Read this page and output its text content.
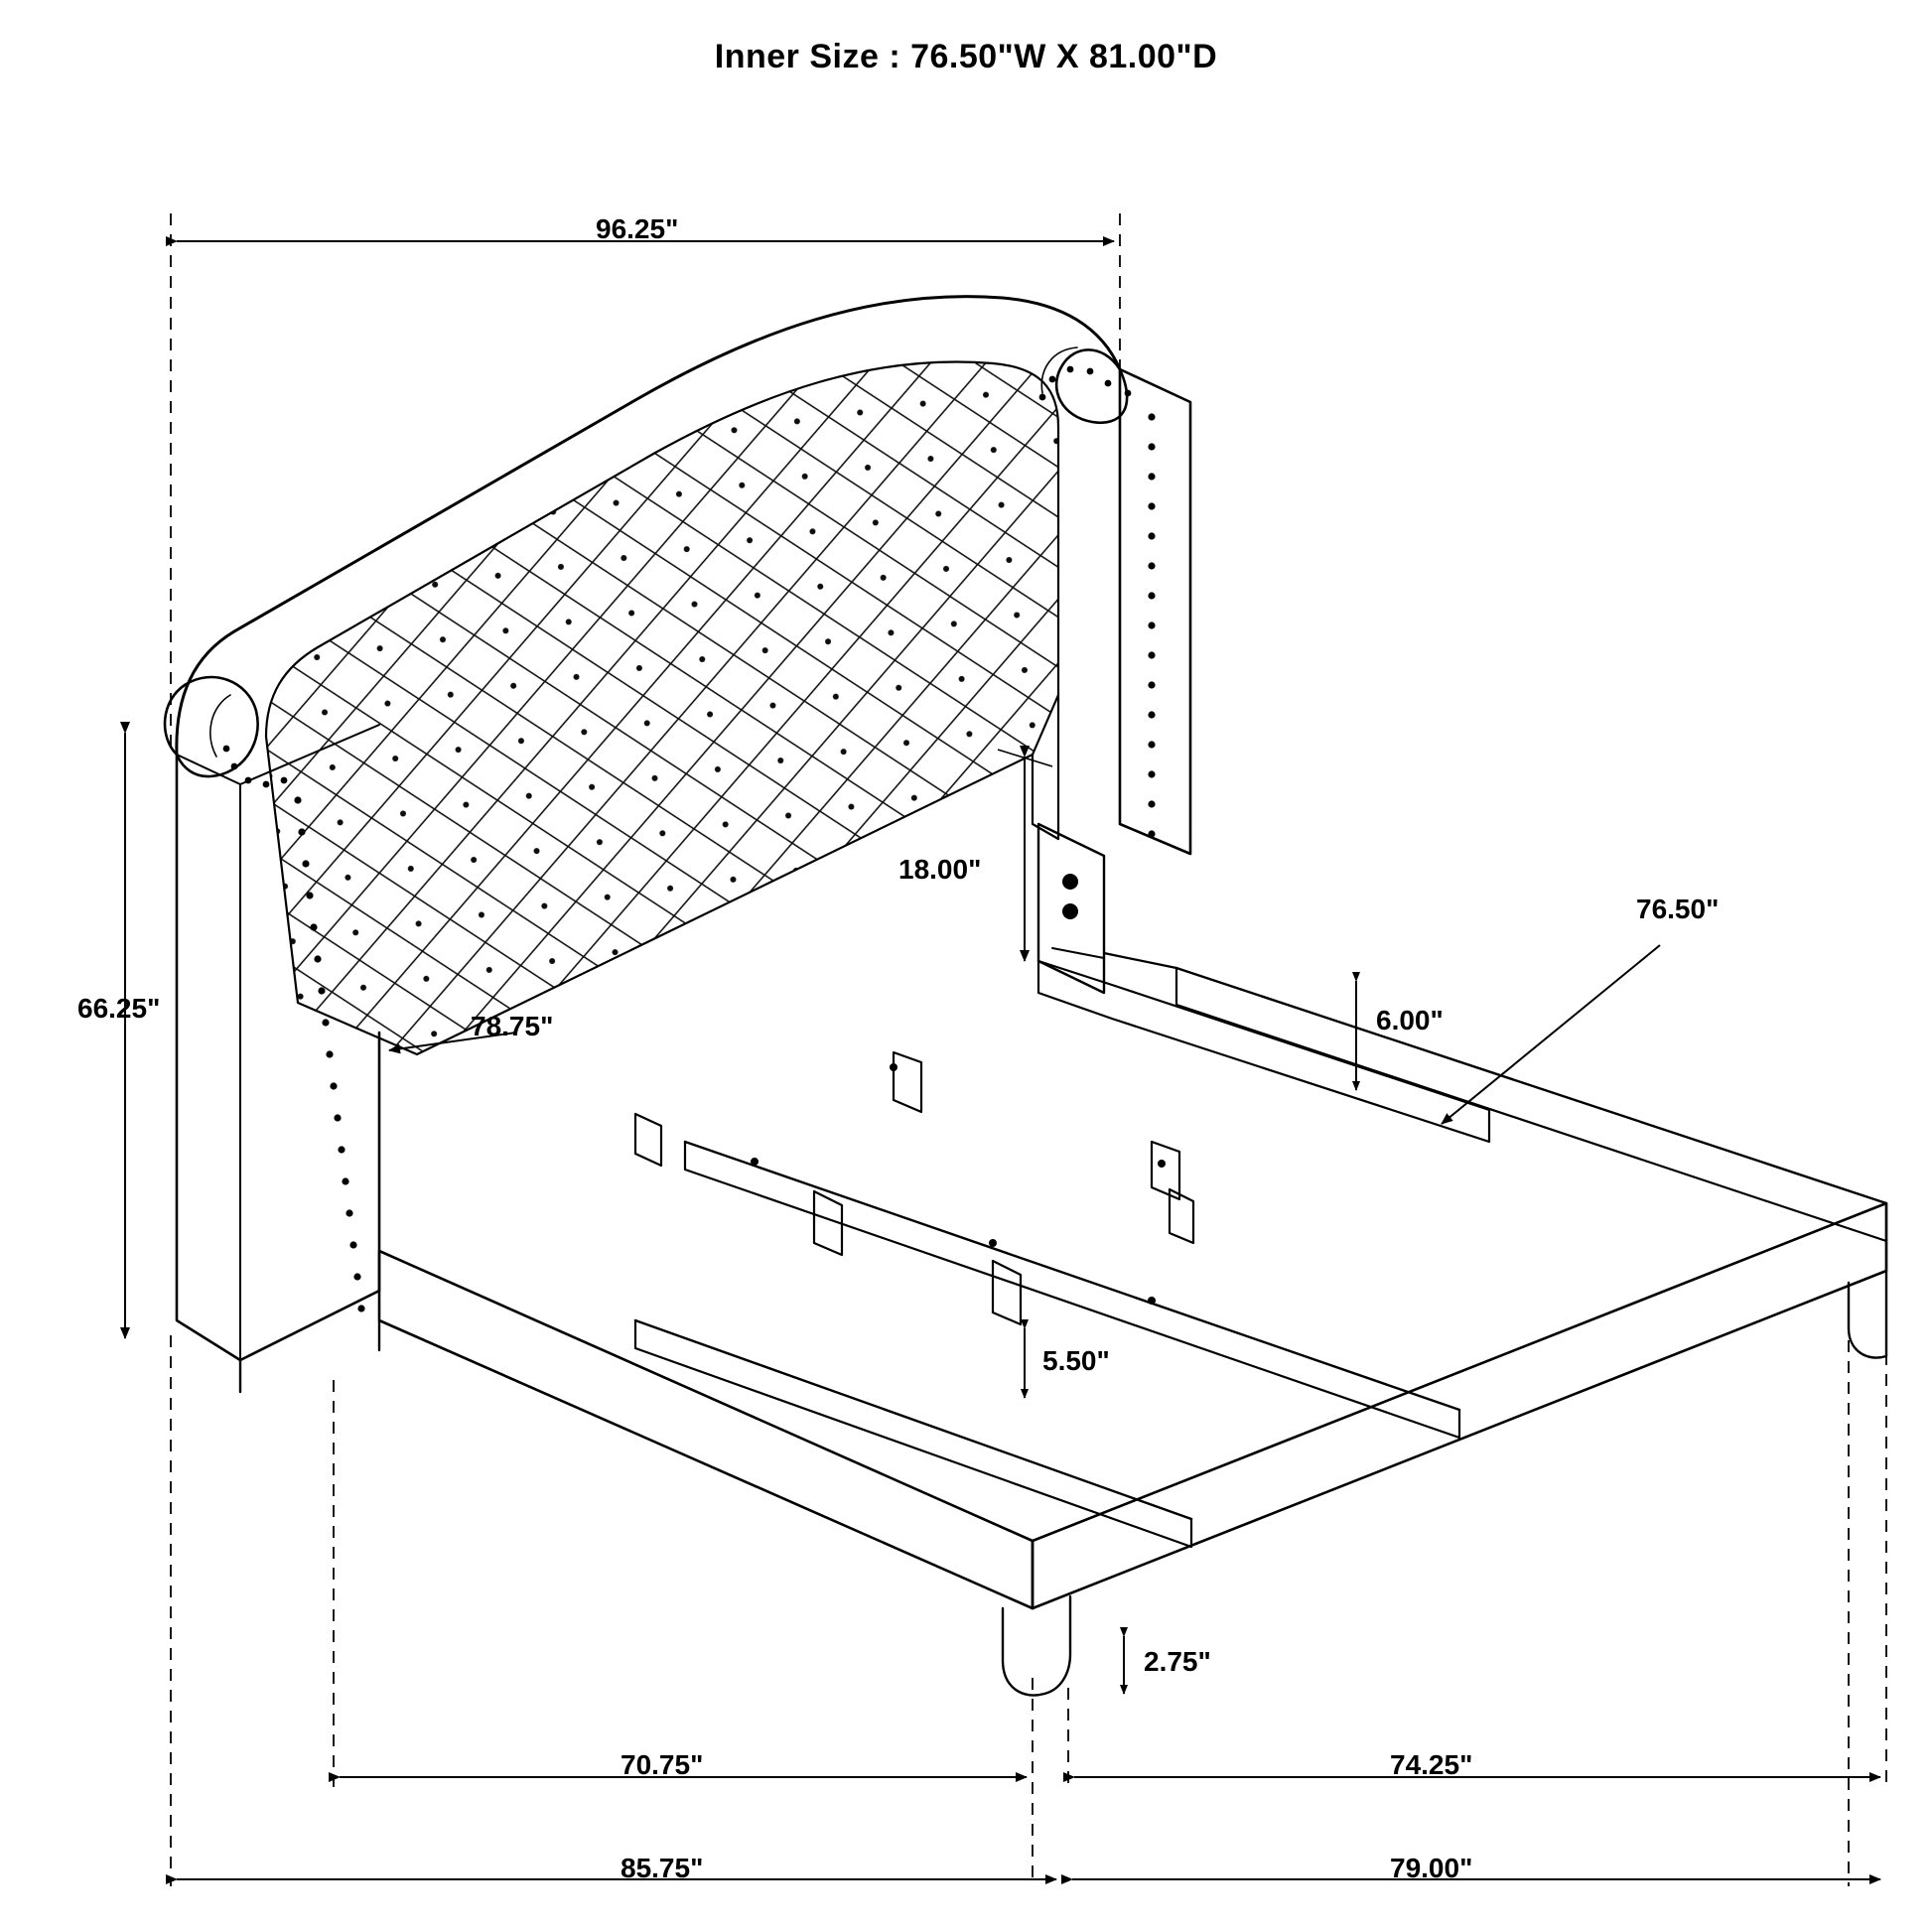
Inner Size : 76.50"W X 81.00"D
96.25"
66.25"
18.00"
78.75"	6.00"
76.50"
5.50"
2.75"
70.75"	74.25"
85.75"	79.00"
